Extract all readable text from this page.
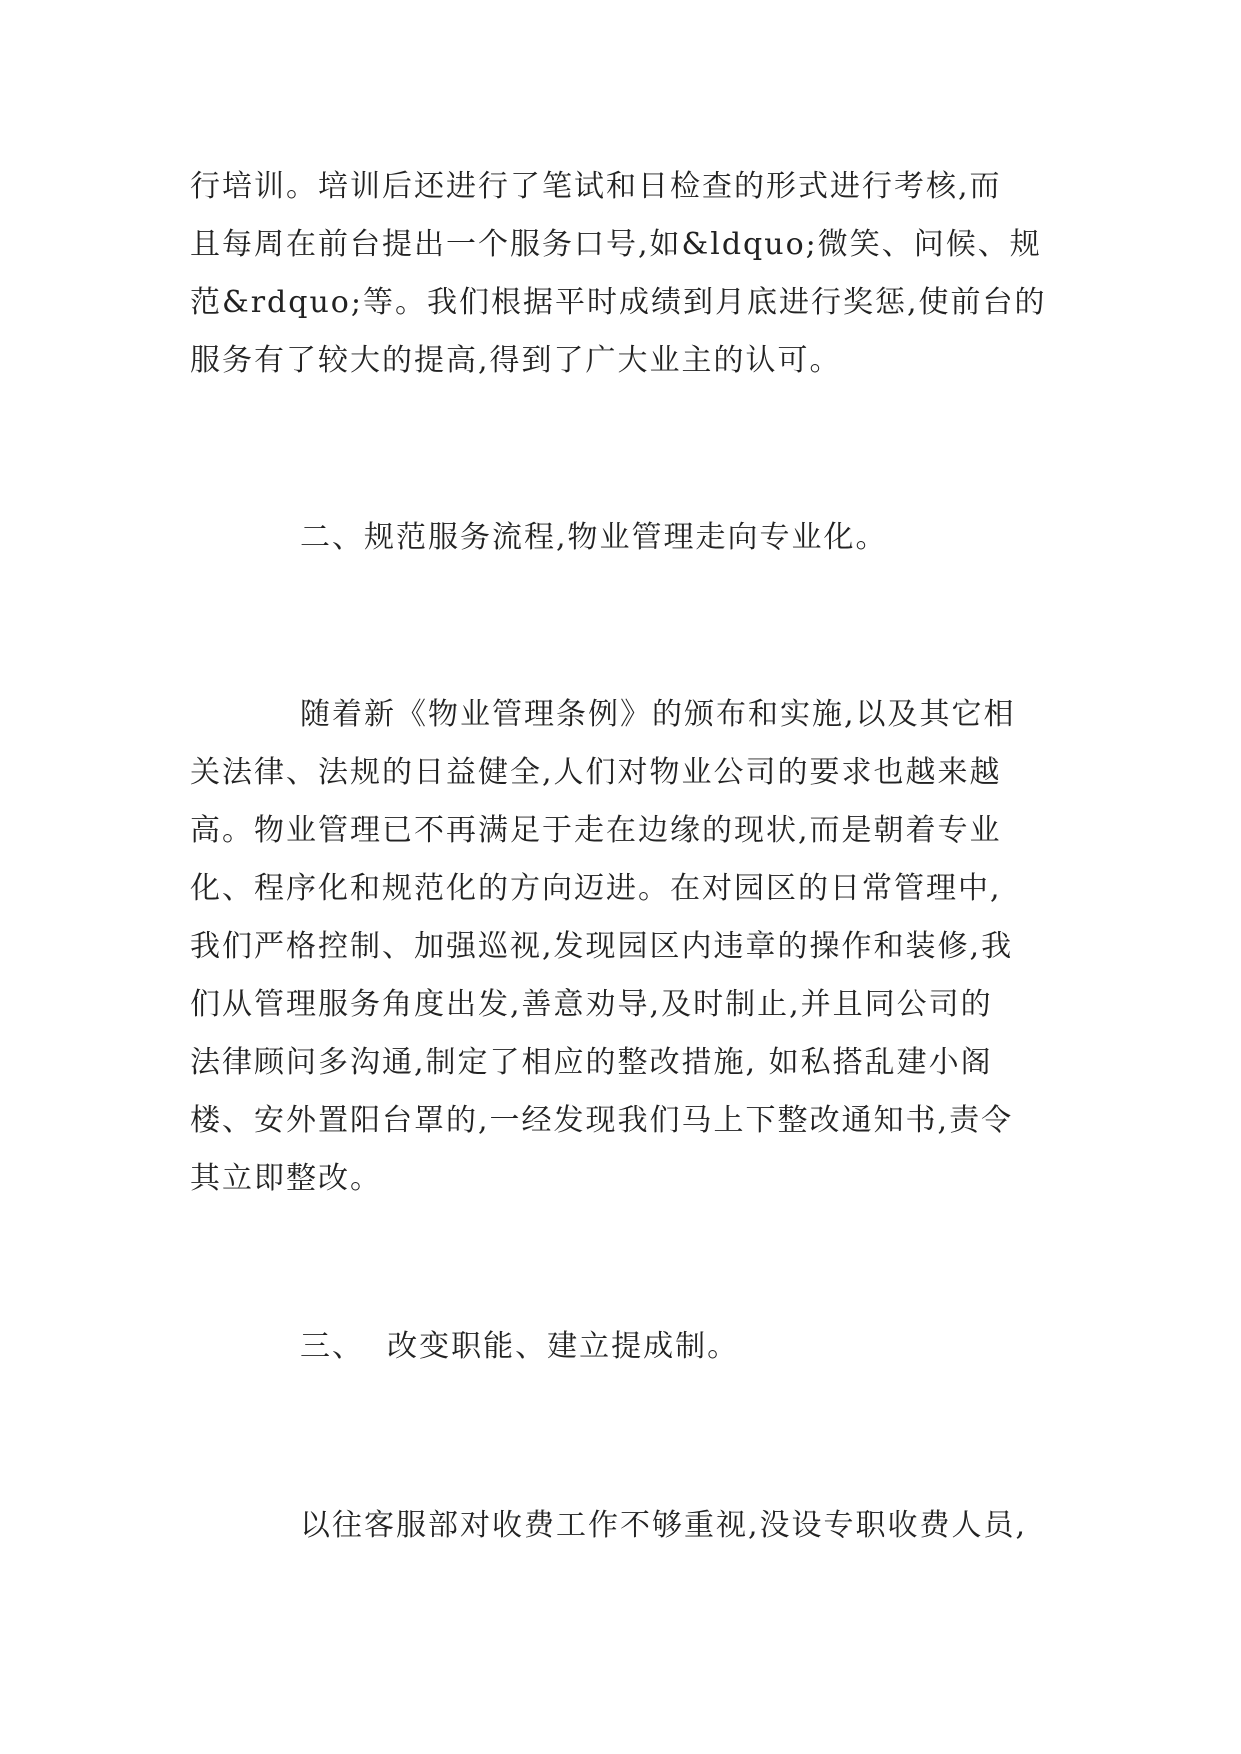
行培训。培训后还进行了笔试和日检查的形式进行考核,而
且每周在前台提出一个服务口号,如&ldquo;微笑、问候、规
范&rdquo;等。我们根据平时成绩到月底进行奖惩,使前台的
服务有了较大的提高,得到了广大业主的认可。
二、规范服务流程,物业管理走向专业化。
随着新《物业管理条例》的颁布和实施,以及其它相
关法律、法规的日益健全,人们对物业公司的要求也越来越
高。物业管理已不再满足于走在边缘的现状,而是朝着专业
化、程序化和规范化的方向迈进。在对园区的日常管理中,
我们严格控制、加强巡视,发现园区内违章的操作和装修,我
们从管理服务角度出发,善意劝导,及时制止,并且同公司的
法律顾问多沟通,制定了相应的整改措施, 如私搭乱建小阁
楼、安外置阳台罩的,一经发现我们马上下整改通知书,责令
其立即整改。
三、  改变职能、建立提成制。
以往客服部对收费工作不够重视,没设专职收费人员,
